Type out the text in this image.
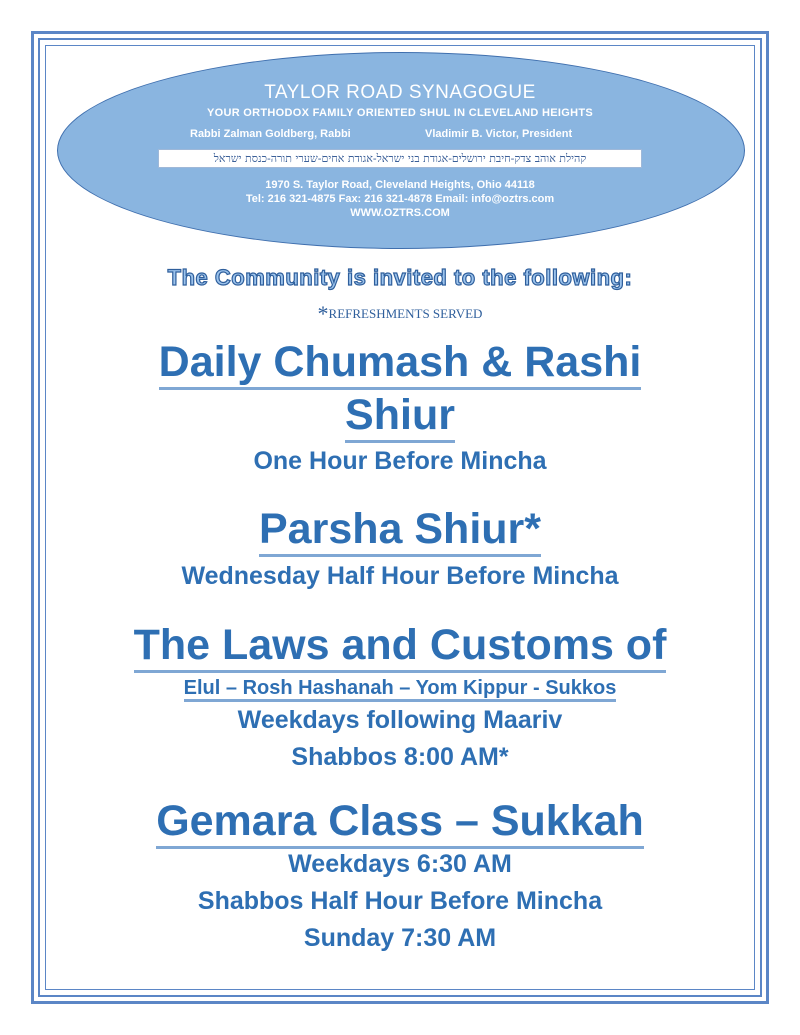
TAYLOR ROAD SYNAGOGUE
YOUR ORTHODOX FAMILY ORIENTED SHUL IN CLEVELAND HEIGHTS
Rabbi Zalman Goldberg, Rabbi	Vladimir B. Victor, President
קהילת אוהב צדק-חיבת ירושלים-אגודת בני ישראל-אגודת אחים-שערי תורה-כנסת ישראל
1970 S. Taylor Road, Cleveland Heights, Ohio 44118
Tel: 216 321-4875 Fax: 216 321-4878 Email: info@oztrs.com
WWW.OZTRS.COM
The Community is invited to the following:
*REFRESHMENTS SERVED
Daily Chumash & Rashi
Shiur
One Hour Before Mincha
Parsha Shiur*
Wednesday Half Hour Before Mincha
The Laws and Customs of
Elul – Rosh Hashanah – Yom Kippur - Sukkos
Weekdays following Maariv
Shabbos 8:00 AM*
Gemara Class – Sukkah
Weekdays 6:30 AM
Shabbos Half Hour Before Mincha
Sunday 7:30 AM
